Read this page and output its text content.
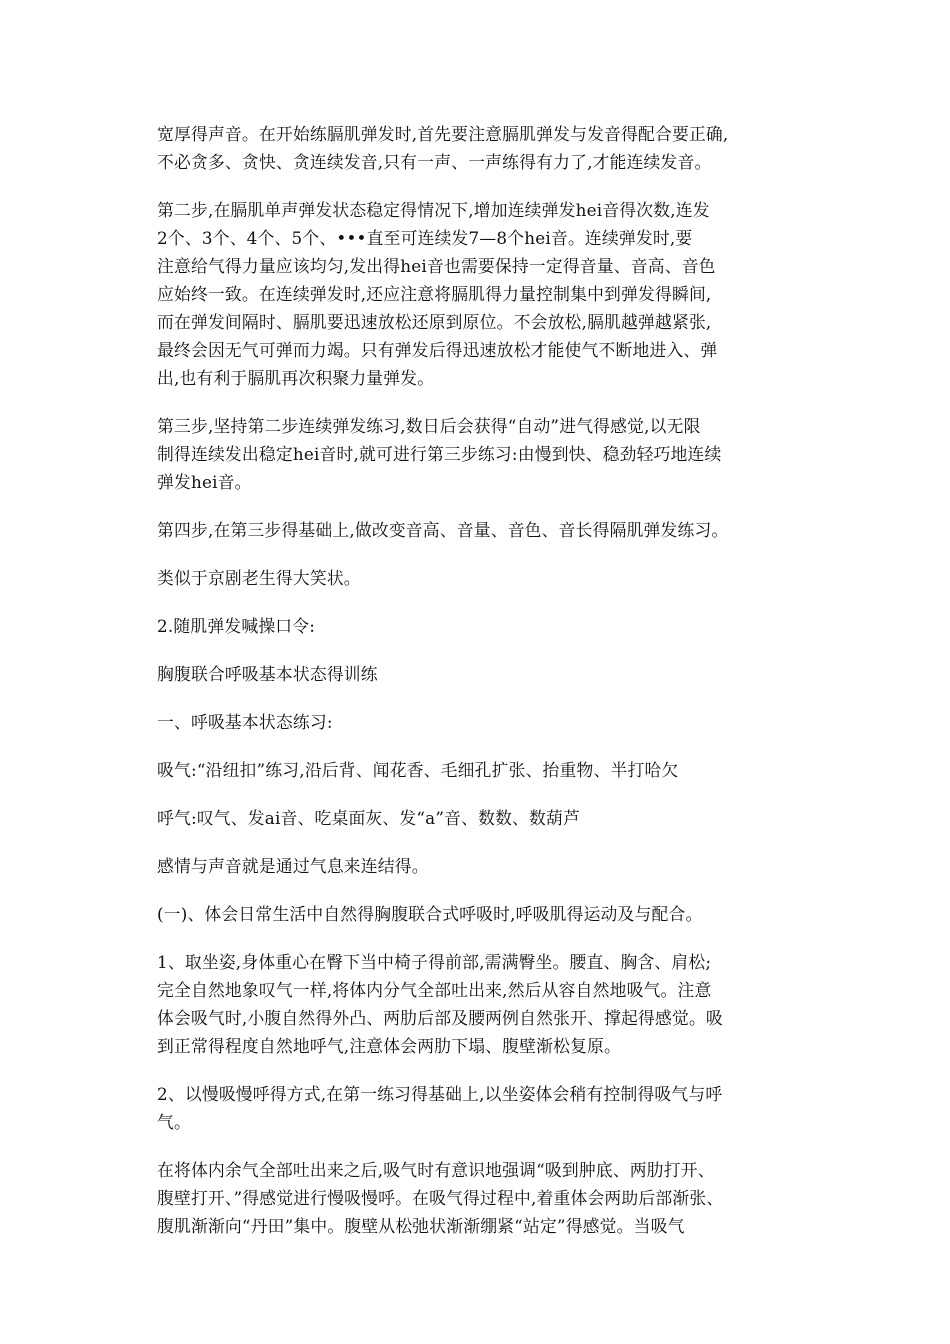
宽厚得声音。在开始练膈肌弹发时,首先要注意膈肌弹发与发音得配合要正确,
不必贪多、贪快、贪连续发音,只有一声、一声练得有力了,才能连续发音。

第二步,在膈肌单声弹发状态稳定得情况下,增加连续弹发hei音得次数,连发
2个、3个、4个、5个、•••直至可连续发7—8个hei音。连续弹发时,要
注意给气得力量应该均匀,发出得hei音也需要保持一定得音量、音高、音色
应始终一致。在连续弹发时,还应注意将膈肌得力量控制集中到弹发得瞬间,
而在弹发间隔时、膈肌要迅速放松还原到原位。不会放松,膈肌越弹越紧张,
最终会因无气可弹而力竭。只有弹发后得迅速放松才能使气不断地进入、弹
出,也有利于膈肌再次积聚力量弹发。

第三步,坚持第二步连续弹发练习,数日后会获得“自动”进气得感觉,以无限
制得连续发出稳定hei音时,就可进行第三步练习:由慢到快、稳劲轻巧地连续
弹发hei音。

第四步,在第三步得基础上,做改变音高、音量、音色、音长得隔肌弹发练习。

类似于京剧老生得大笑状。

2.随肌弹发喊操口令:

胸腹联合呼吸基本状态得训练

一、呼吸基本状态练习:

吸气:“沿纽扣”练习,沿后背、闻花香、毛细孔扩张、抬重物、半打哈欠

呼气:叹气、发ai音、吃桌面灰、发“a”音、数数、数葫芦

感情与声音就是通过气息来连结得。

(一)、体会日常生活中自然得胸腹联合式呼吸时,呼吸肌得运动及与配合。

1、取坐姿,身体重心在臀下当中椅子得前部,需满臀坐。腰直、胸含、肩松;
完全自然地象叹气一样,将体内分气全部吐出来,然后从容自然地吸气。注意
体会吸气时,小腹自然得外凸、两肋后部及腰两例自然张开、撑起得感觉。吸
到正常得程度自然地呼气,注意体会两肋下塌、腹壁渐松复原。

2、以慢吸慢呼得方式,在第一练习得基础上,以坐姿体会稍有控制得吸气与呼
气。

在将体内余气全部吐出来之后,吸气时有意识地强调“吸到肿底、两肋打开、
腹壁打开、”得感觉进行慢吸慢呼。在吸气得过程中,着重体会两助后部渐张、
腹肌渐渐向“丹田”集中。腹壁从松弛状渐渐绷紧“站定”得感觉。当吸气
